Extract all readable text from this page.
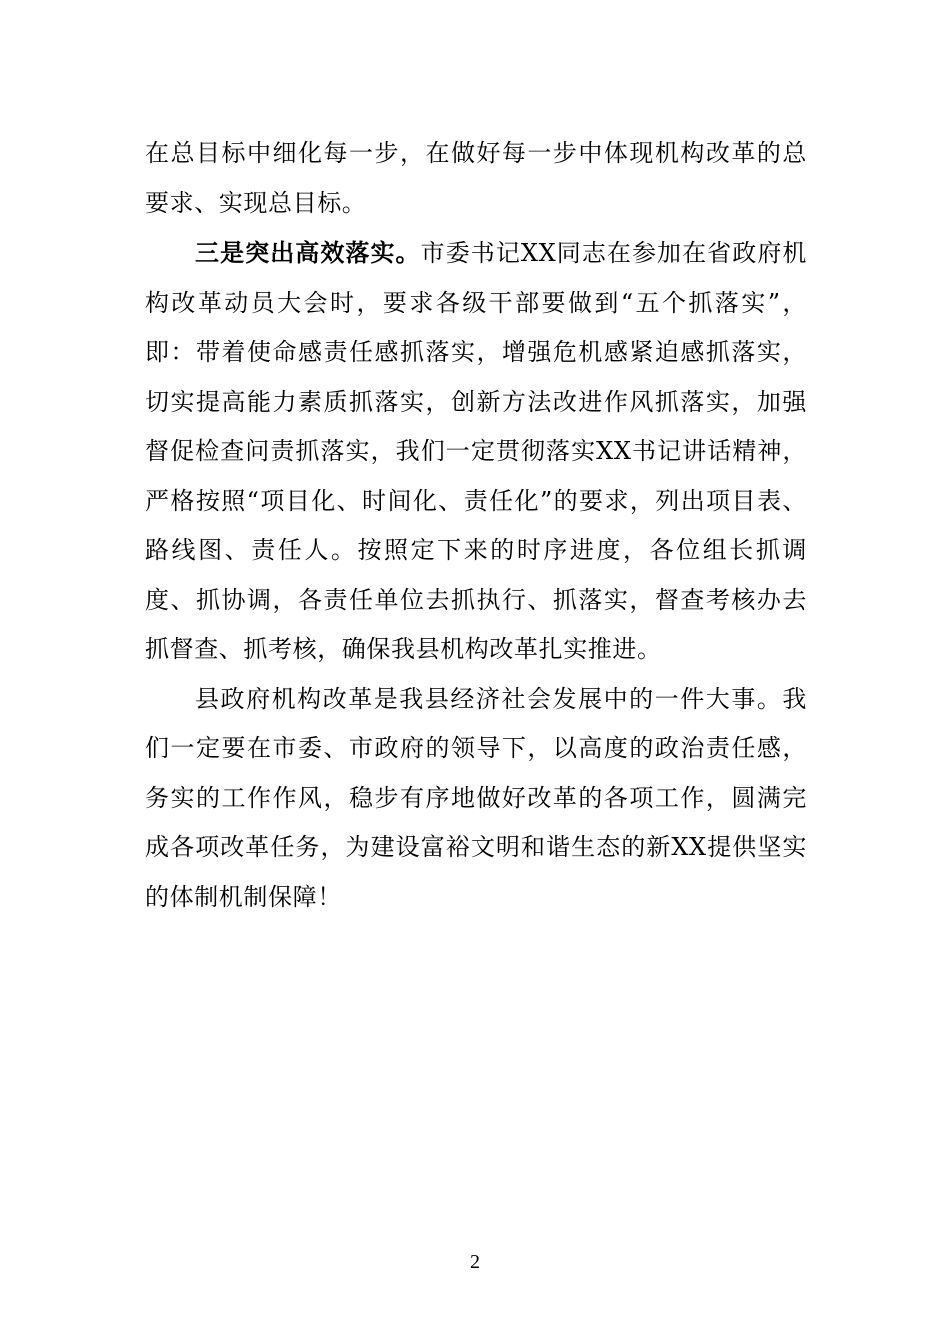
在总目标中细化每一步，在做好每一步中体现机构改革的总要求、实现总目标。

三是突出高效落实。市委书记XX同志在参加在省政府机构改革动员大会时，要求各级干部要做到“五个抓落实”，即：带着使命感责任感抓落实，增强危机感紧迫感抓落实，切实提高能力素质抓落实，创新方法改进作风抓落实，加强督促检查问责抓落实，我们一定贯彻落实XX书记讲话精神，严格按照“项目化、时间化、责任化”的要求，列出项目表、路线图、责任人。按照定下来的时序进度，各位组长抓调度、抓协调，各责任单位去抓执行、抓落实，督查考核办去抓督查、抓考核，确保我县机构改革扎实推进。

县政府机构改革是我县经济社会发展中的一件大事。我们一定要在市委、市政府的领导下，以高度的政治责任感，务实的工作作风，稳步有序地做好改革的各项工作，圆满完成各项改革任务，为建设富裕文明和谐生态的新XX提供坚实的体制机制保障！

2
